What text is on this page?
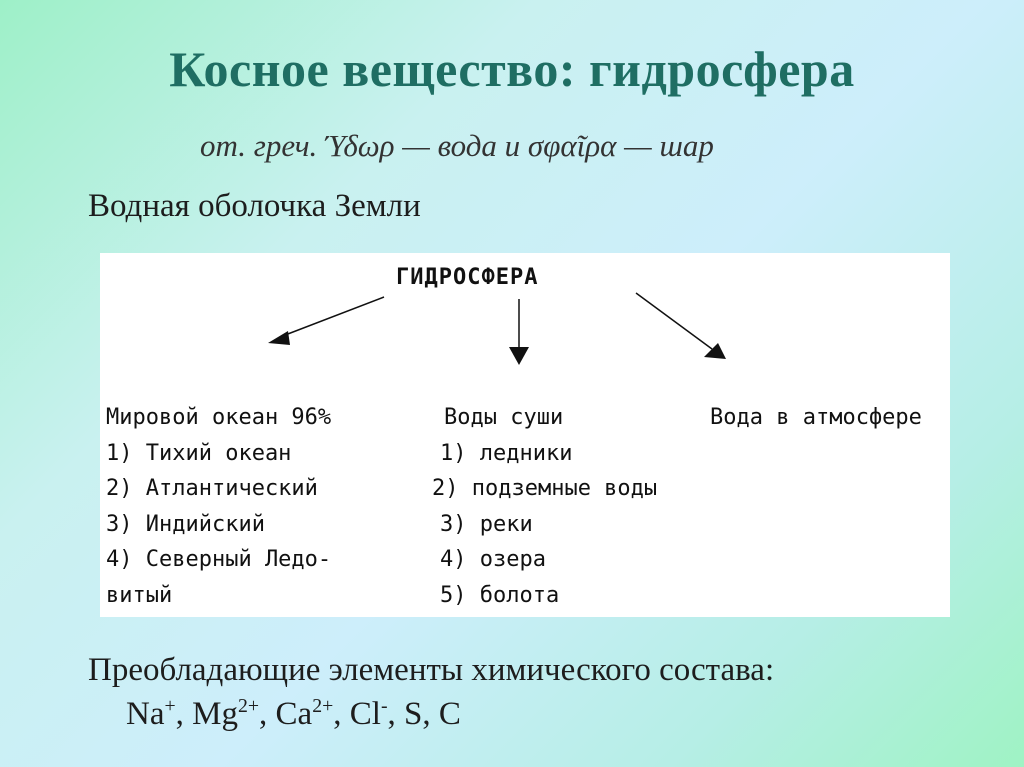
Косное вещество: гидросфера
от. греч. Ύδωρ — вода и σφαῖρα — шар
Водная оболочка Земли
ГИДРОСФЕРА
Мировой океан 96%
1) Тихий океан
2) Атлантический
3) Индийский
4) Северный Ледо-
витый
Воды суши
1) ледники
2) подземные воды
3) реки
4) озера
5) болота
Вода в атмосфере
Преобладающие элементы химического состава:
Na+, $Mg^{2+}$, $Ca^{2+}$, Cl-, S, C
